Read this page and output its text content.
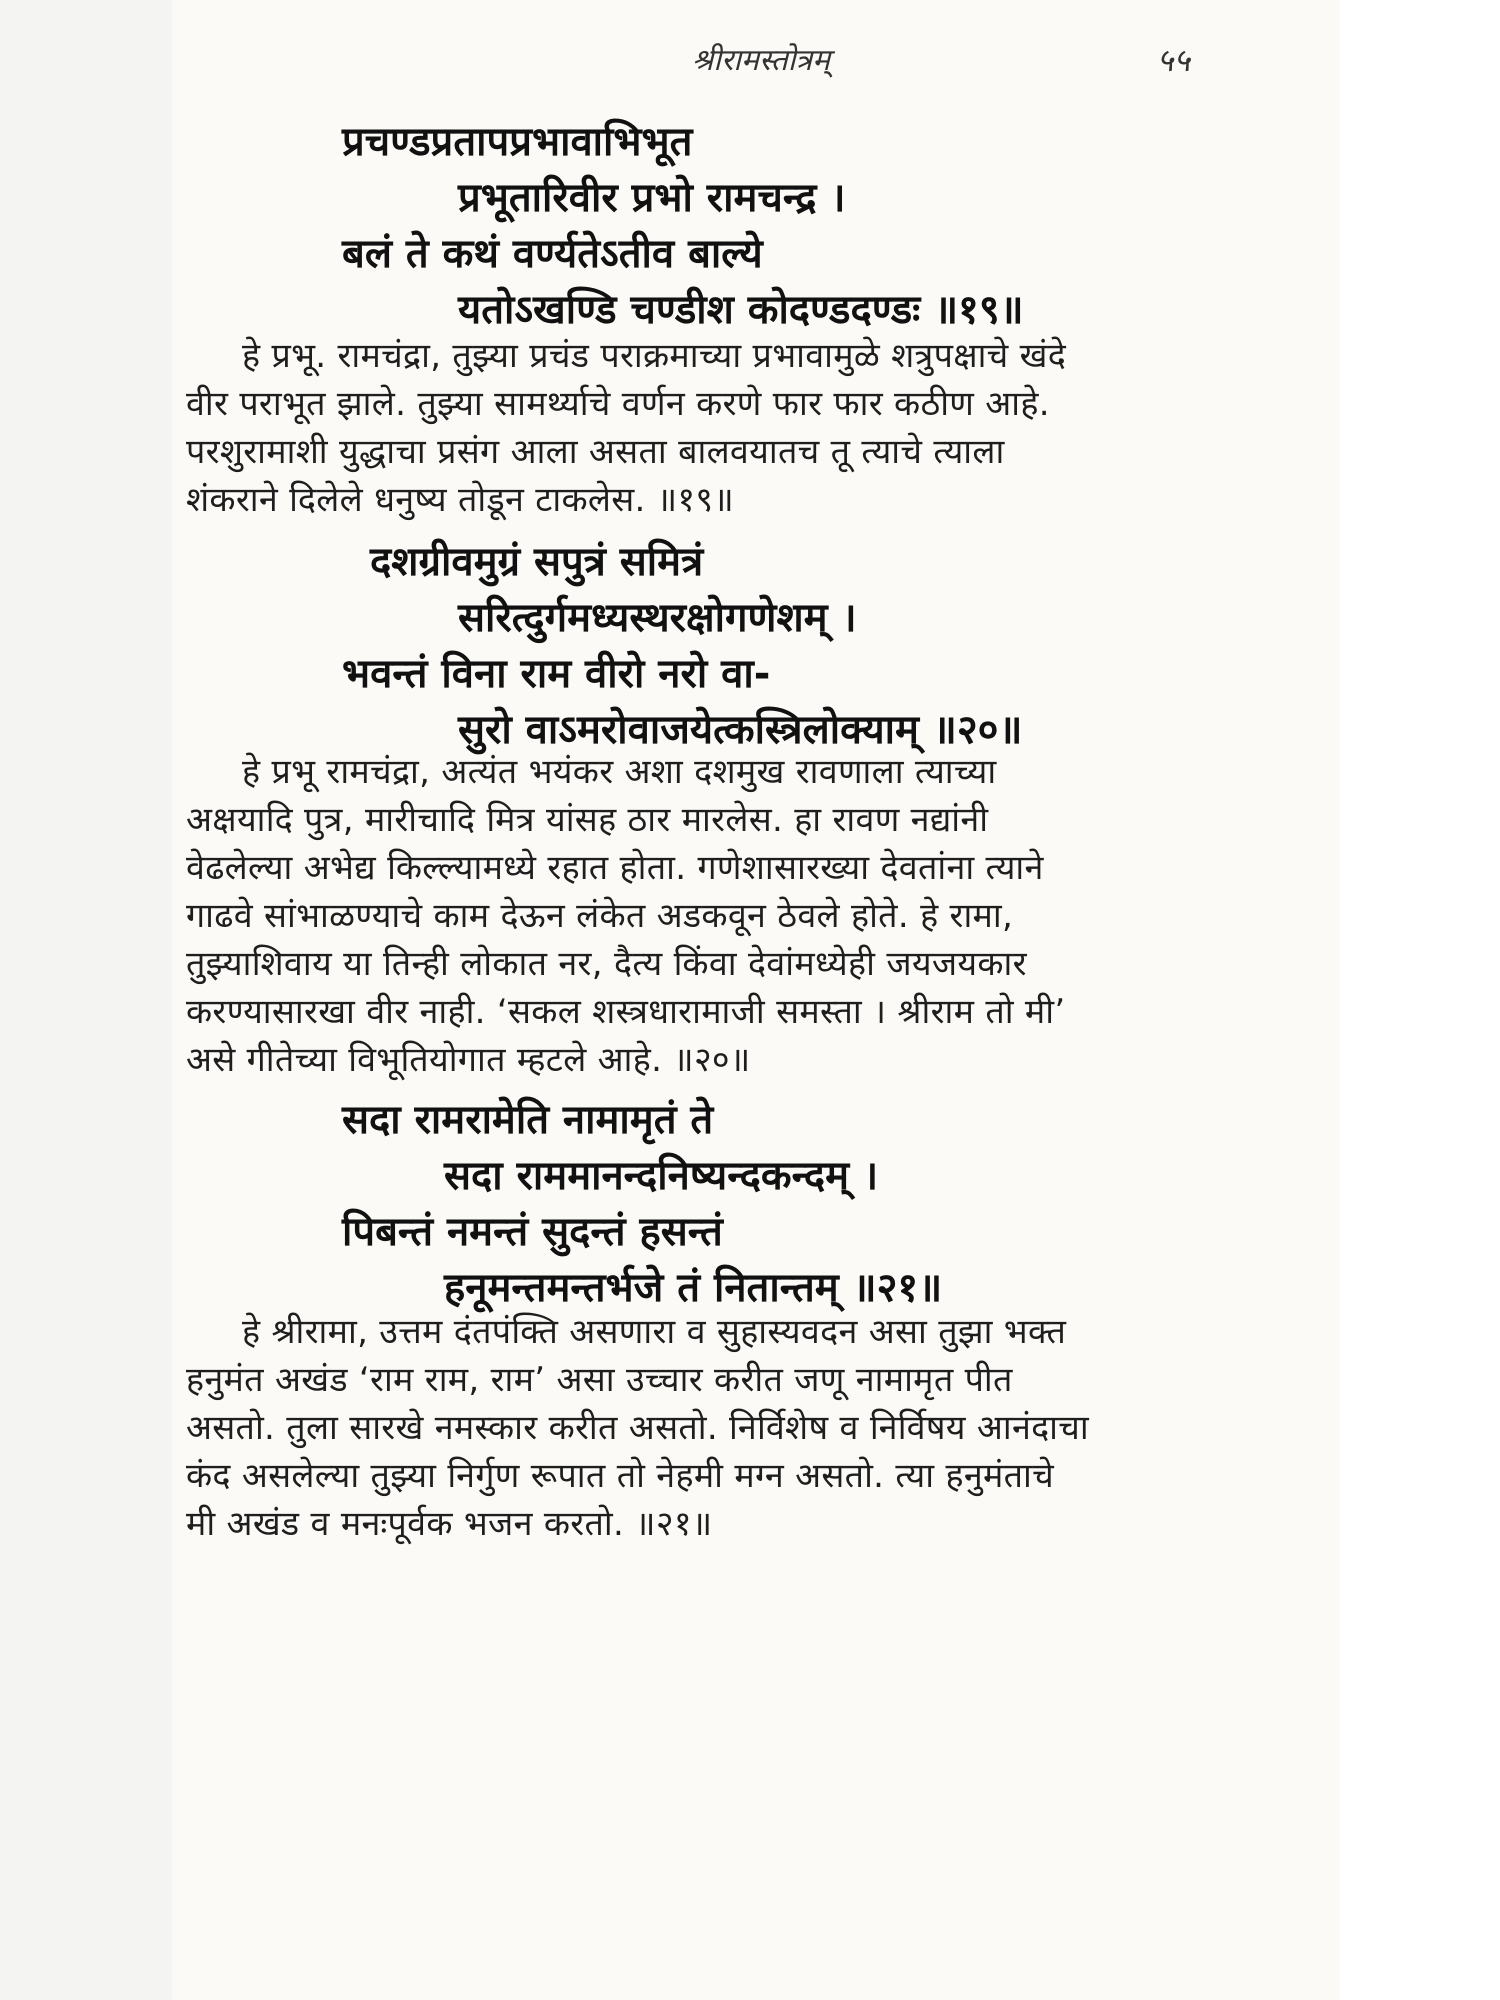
श्रीरामस्तोत्रम्	५५
प्रचण्डप्रतापप्रभावाभिभूत
प्रभूतारिवीर प्रभो रामचन्द्र ।
बलं ते कथं वर्ण्यतेऽतीव बाल्ये
यतोऽखण्डि चण्डीश कोदण्डदण्डः ॥१९॥
हे प्रभू. रामचंद्रा, तुझ्या प्रचंड पराक्रमाच्या प्रभावामुळे शत्रुपक्षाचे खंदे
वीर पराभूत झाले. तुझ्या सामर्थ्याचे वर्णन करणे फार फार कठीण आहे.
परशुरामाशी युद्धाचा प्रसंग आला असता बालवयातच तू त्याचे त्याला
शंकराने दिलेले धनुष्य तोडून टाकलेस. ॥१९॥
दशग्रीवमुग्रं सपुत्रं समित्रं
सरित्दुर्गमध्यस्थरक्षोगणेशम् ।
भवन्तं विना राम वीरो नरो वा-
सुरो वाऽमरोवाजयेत्कस्त्रिलोक्याम् ॥२०॥
हे प्रभू रामचंद्रा, अत्यंत भयंकर अशा दशमुख रावणाला त्याच्या
अक्षयादि पुत्र, मारीचादि मित्र यांसह ठार मारलेस. हा रावण नद्यांनी
वेढलेल्या अभेद्य किल्ल्यामध्ये रहात होता. गणेशासारख्या देवतांना त्याने
गाढवे सांभाळण्याचे काम देऊन लंकेत अडकवून ठेवले होते. हे रामा,
तुझ्याशिवाय या तिन्ही लोकात नर, दैत्य किंवा देवांमध्येही जयजयकार
करण्यासारखा वीर नाही. ‘सकल शस्त्रधारामाजी समस्ता । श्रीराम तो मी’
असे गीतेच्या विभूतियोगात म्हटले आहे. ॥२०॥
सदा रामरामेति नामामृतं ते
सदा राममानन्दनिष्यन्दकन्दम् ।
पिबन्तं नमन्तं सुदन्तं हसन्तं
हनूमन्तमन्तर्भजे तं नितान्तम् ॥२१॥
हे श्रीरामा, उत्तम दंतपंक्ति असणारा व सुहास्यवदन असा तुझा भक्त
हनुमंत अखंड ‘राम राम, राम’ असा उच्चार करीत जणू नामामृत पीत
असतो. तुला सारखे नमस्कार करीत असतो. निर्विशेष व निर्विषय आनंदाचा
कंद असलेल्या तुझ्या निर्गुण रूपात तो नेहमी मग्न असतो. त्या हनुमंताचे
मी अखंड व मनःपूर्वक भजन करतो. ॥२१॥
